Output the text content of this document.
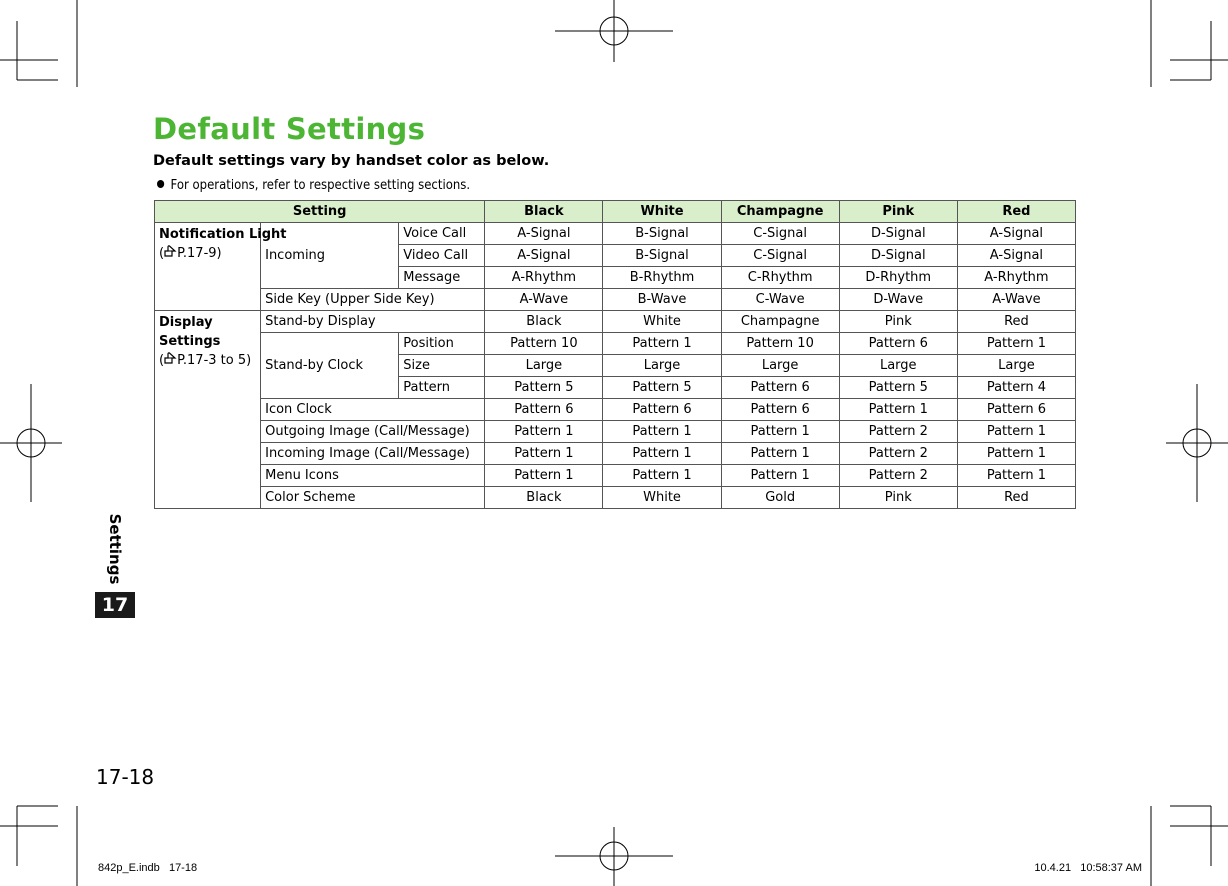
Default Settings

Default settings vary by handset color as below.

For operations, refer to respective setting sections.
Setting			Black	White	Champagne	Pink	Red

Notification Light
( P.17-9)	Incoming	Voice Call	A-Signal	B-Signal	C-Signal	D-Signal	A-Signal
		Video Call	A-Signal	B-Signal	C-Signal	D-Signal	A-Signal
		Message	A-Rhythm	B-Rhythm	C-Rhythm	D-Rhythm	A-Rhythm
	Side Key (Upper Side Key)		A-Wave	B-Wave	C-Wave	D-Wave	A-Wave

Display Settings
( P.17-3 to 5)	Stand-by Display		Black	White	Champagne	Pink	Red
	Stand-by Clock	Position	Pattern 10	Pattern 1	Pattern 10	Pattern 6	Pattern 1
		Size	Large	Large	Large	Large	Large
		Pattern	Pattern 5	Pattern 5	Pattern 6	Pattern 5	Pattern 4
	Icon Clock		Pattern 6	Pattern 6	Pattern 6	Pattern 1	Pattern 6
	Outgoing Image (Call/Message)		Pattern 1	Pattern 1	Pattern 1	Pattern 2	Pattern 1
	Incoming Image (Call/Message)		Pattern 1	Pattern 1	Pattern 1	Pattern 2	Pattern 1
	Menu Icons		Pattern 1	Pattern 1	Pattern 1	Pattern 2	Pattern 1
	Color Scheme		Black	White	Gold	Pink	Red
Settings
17
17-18
842p_E.indb   17-18	10.4.21   10:58:37 AM
